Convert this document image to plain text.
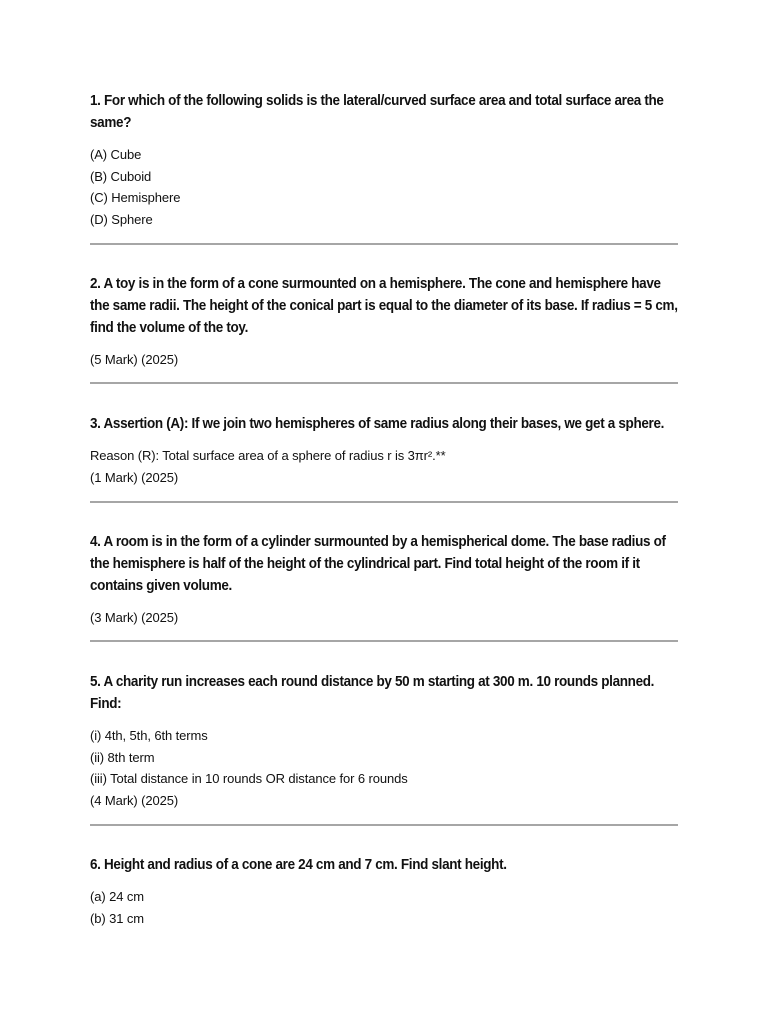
1. For which of the following solids is the lateral/curved surface area and total surface area the same?

(A) Cube
(B) Cuboid
(C) Hemisphere
(D) Sphere

2. A toy is in the form of a cone surmounted on a hemisphere. The cone and hemisphere have the same radii. The height of the conical part is equal to the diameter of its base. If radius = 5 cm, find the volume of the toy.

(5 Mark) (2025)

3. Assertion (A): If we join two hemispheres of same radius along their bases, we get a sphere.

Reason (R): Total surface area of a sphere of radius r is 3πr².**
(1 Mark) (2025)

4. A room is in the form of a cylinder surmounted by a hemispherical dome. The base radius of the hemisphere is half of the height of the cylindrical part. Find total height of the room if it contains given volume.

(3 Mark) (2025)

5. A charity run increases each round distance by 50 m starting at 300 m. 10 rounds planned. Find:

(i) 4th, 5th, 6th terms
(ii) 8th term
(iii) Total distance in 10 rounds OR distance for 6 rounds
(4 Mark) (2025)

6. Height and radius of a cone are 24 cm and 7 cm. Find slant height.

(a) 24 cm
(b) 31 cm
